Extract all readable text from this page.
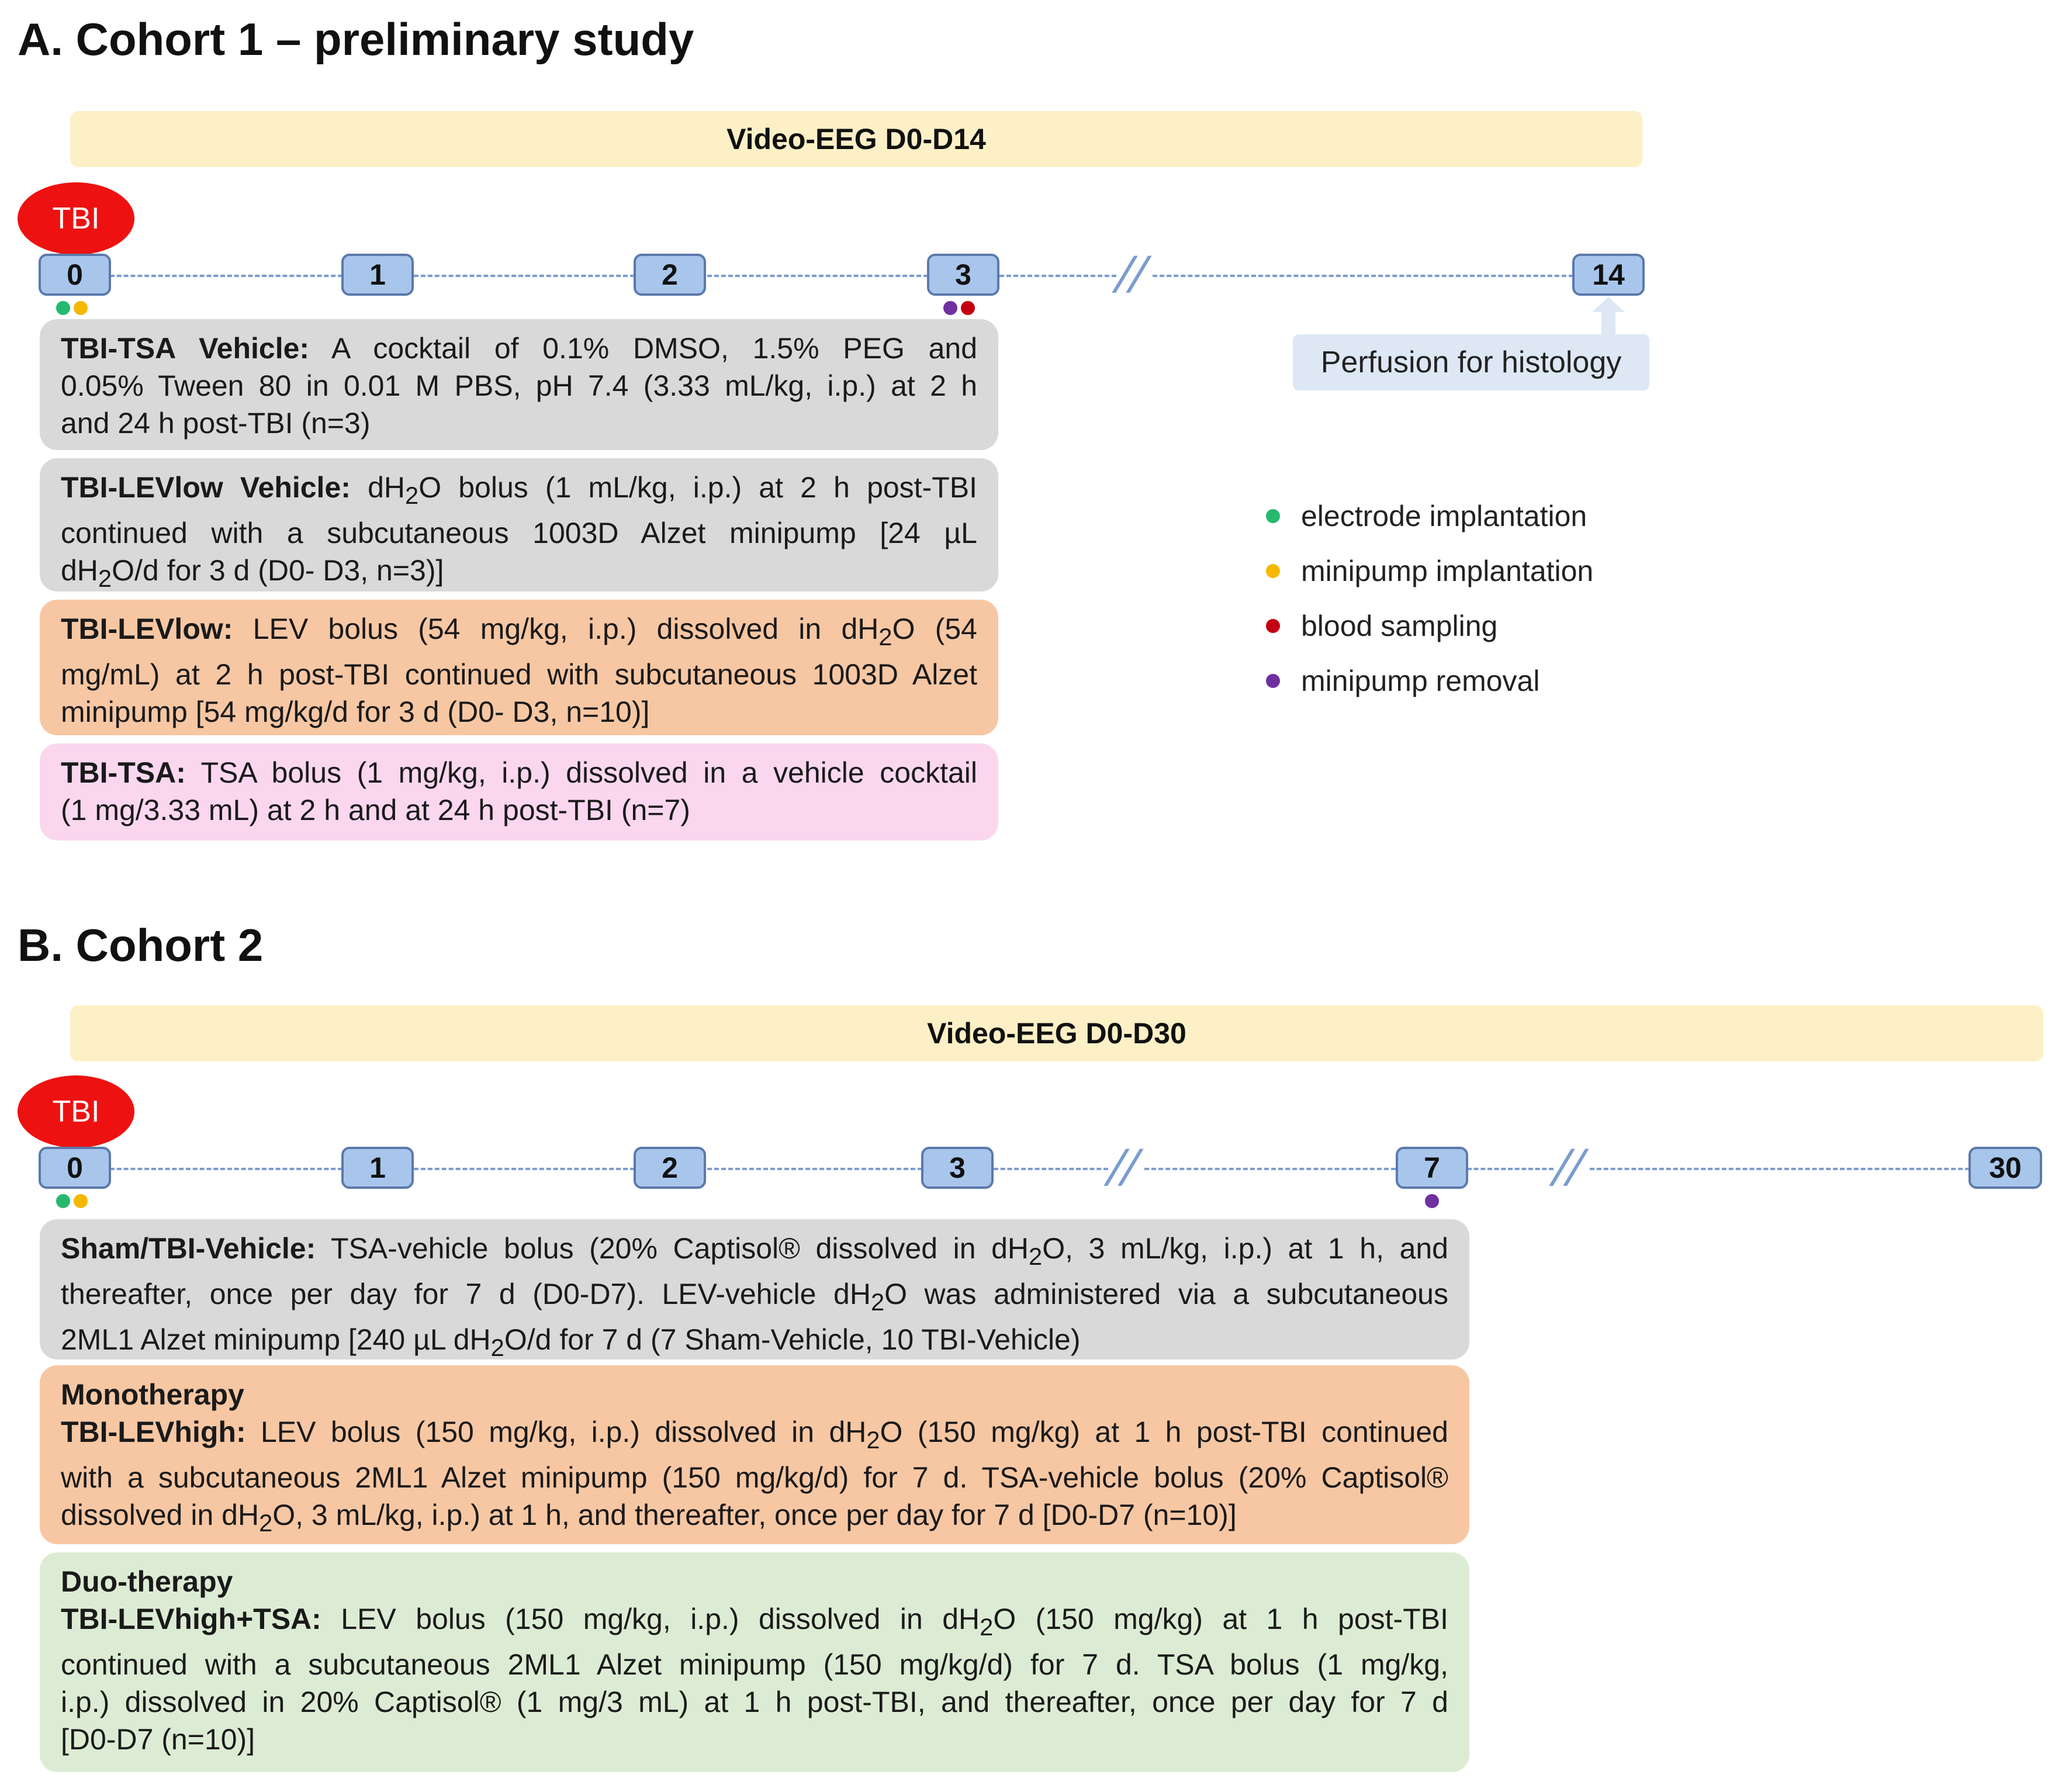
A. Cohort 1 – preliminary study
Video-EEG D0-D14
TBI
//
0	1	2	3	14
Perfusion for histology
TBI-TSA Vehicle: A cocktail of 0.1% DMSO, 1.5% PEG and
0.05% Tween 80 in 0.01 M PBS, pH 7.4 (3.33 mL/kg, i.p.) at 2 h
and 24 h post-TBI (n=3)
TBI-LEVlow Vehicle: $dH_2O$ bolus (1 mL/kg, i.p.) at 2 h post-TBI
continued with a subcutaneous 1003D Alzet minipump [24 µL
$dH_2O/d$ for 3 d (D0- D3, n=3)]
TBI-LEVlow: LEV bolus (54 mg/kg, i.p.) dissolved in $dH_2O$ (54
mg/mL) at 2 h post-TBI continued with subcutaneous 1003D Alzet
minipump [54 mg/kg/d for 3 d (D0- D3, n=10)]
TBI-TSA: TSA bolus (1 mg/kg, i.p.) dissolved in a vehicle cocktail
(1 mg/3.33 mL) at 2 h and at 24 h post-TBI (n=7)
electrode implantation
minipump implantation
blood sampling
minipump removal
B. Cohort 2
Video-EEG D0-D30
TBI
//	//
0	1	2	3	7	30
Sham/TBI-Vehicle: TSA-vehicle bolus (20% Captisol® dissolved in $dH_2O$, 3 mL/kg, i.p.) at 1 h, and
thereafter, once per day for 7 d (D0-D7). LEV-vehicle $dH_2O$ was administered via a subcutaneous
2ML1 Alzet minipump [240 µL $dH_2O/d$ for 7 d (7 Sham-Vehicle, 10 TBI-Vehicle)
Monotherapy
TBI-LEVhigh: LEV bolus (150 mg/kg, i.p.) dissolved in $dH_2O$ (150 mg/kg) at 1 h post-TBI continued
with a subcutaneous 2ML1 Alzet minipump (150 mg/kg/d) for 7 d. TSA-vehicle bolus (20% Captisol®
dissolved in $dH_2O$, 3 mL/kg, i.p.) at 1 h, and thereafter, once per day for 7 d [D0-D7 (n=10)]
Duo-therapy
TBI-LEVhigh+TSA: LEV bolus (150 mg/kg, i.p.) dissolved in $dH_2O$ (150 mg/kg) at 1 h post-TBI
continued with a subcutaneous 2ML1 Alzet minipump (150 mg/kg/d) for 7 d. TSA bolus (1 mg/kg,
i.p.) dissolved in 20% Captisol® (1 mg/3 mL) at 1 h post-TBI, and thereafter, once per day for 7 d
[D0-D7 (n=10)]
